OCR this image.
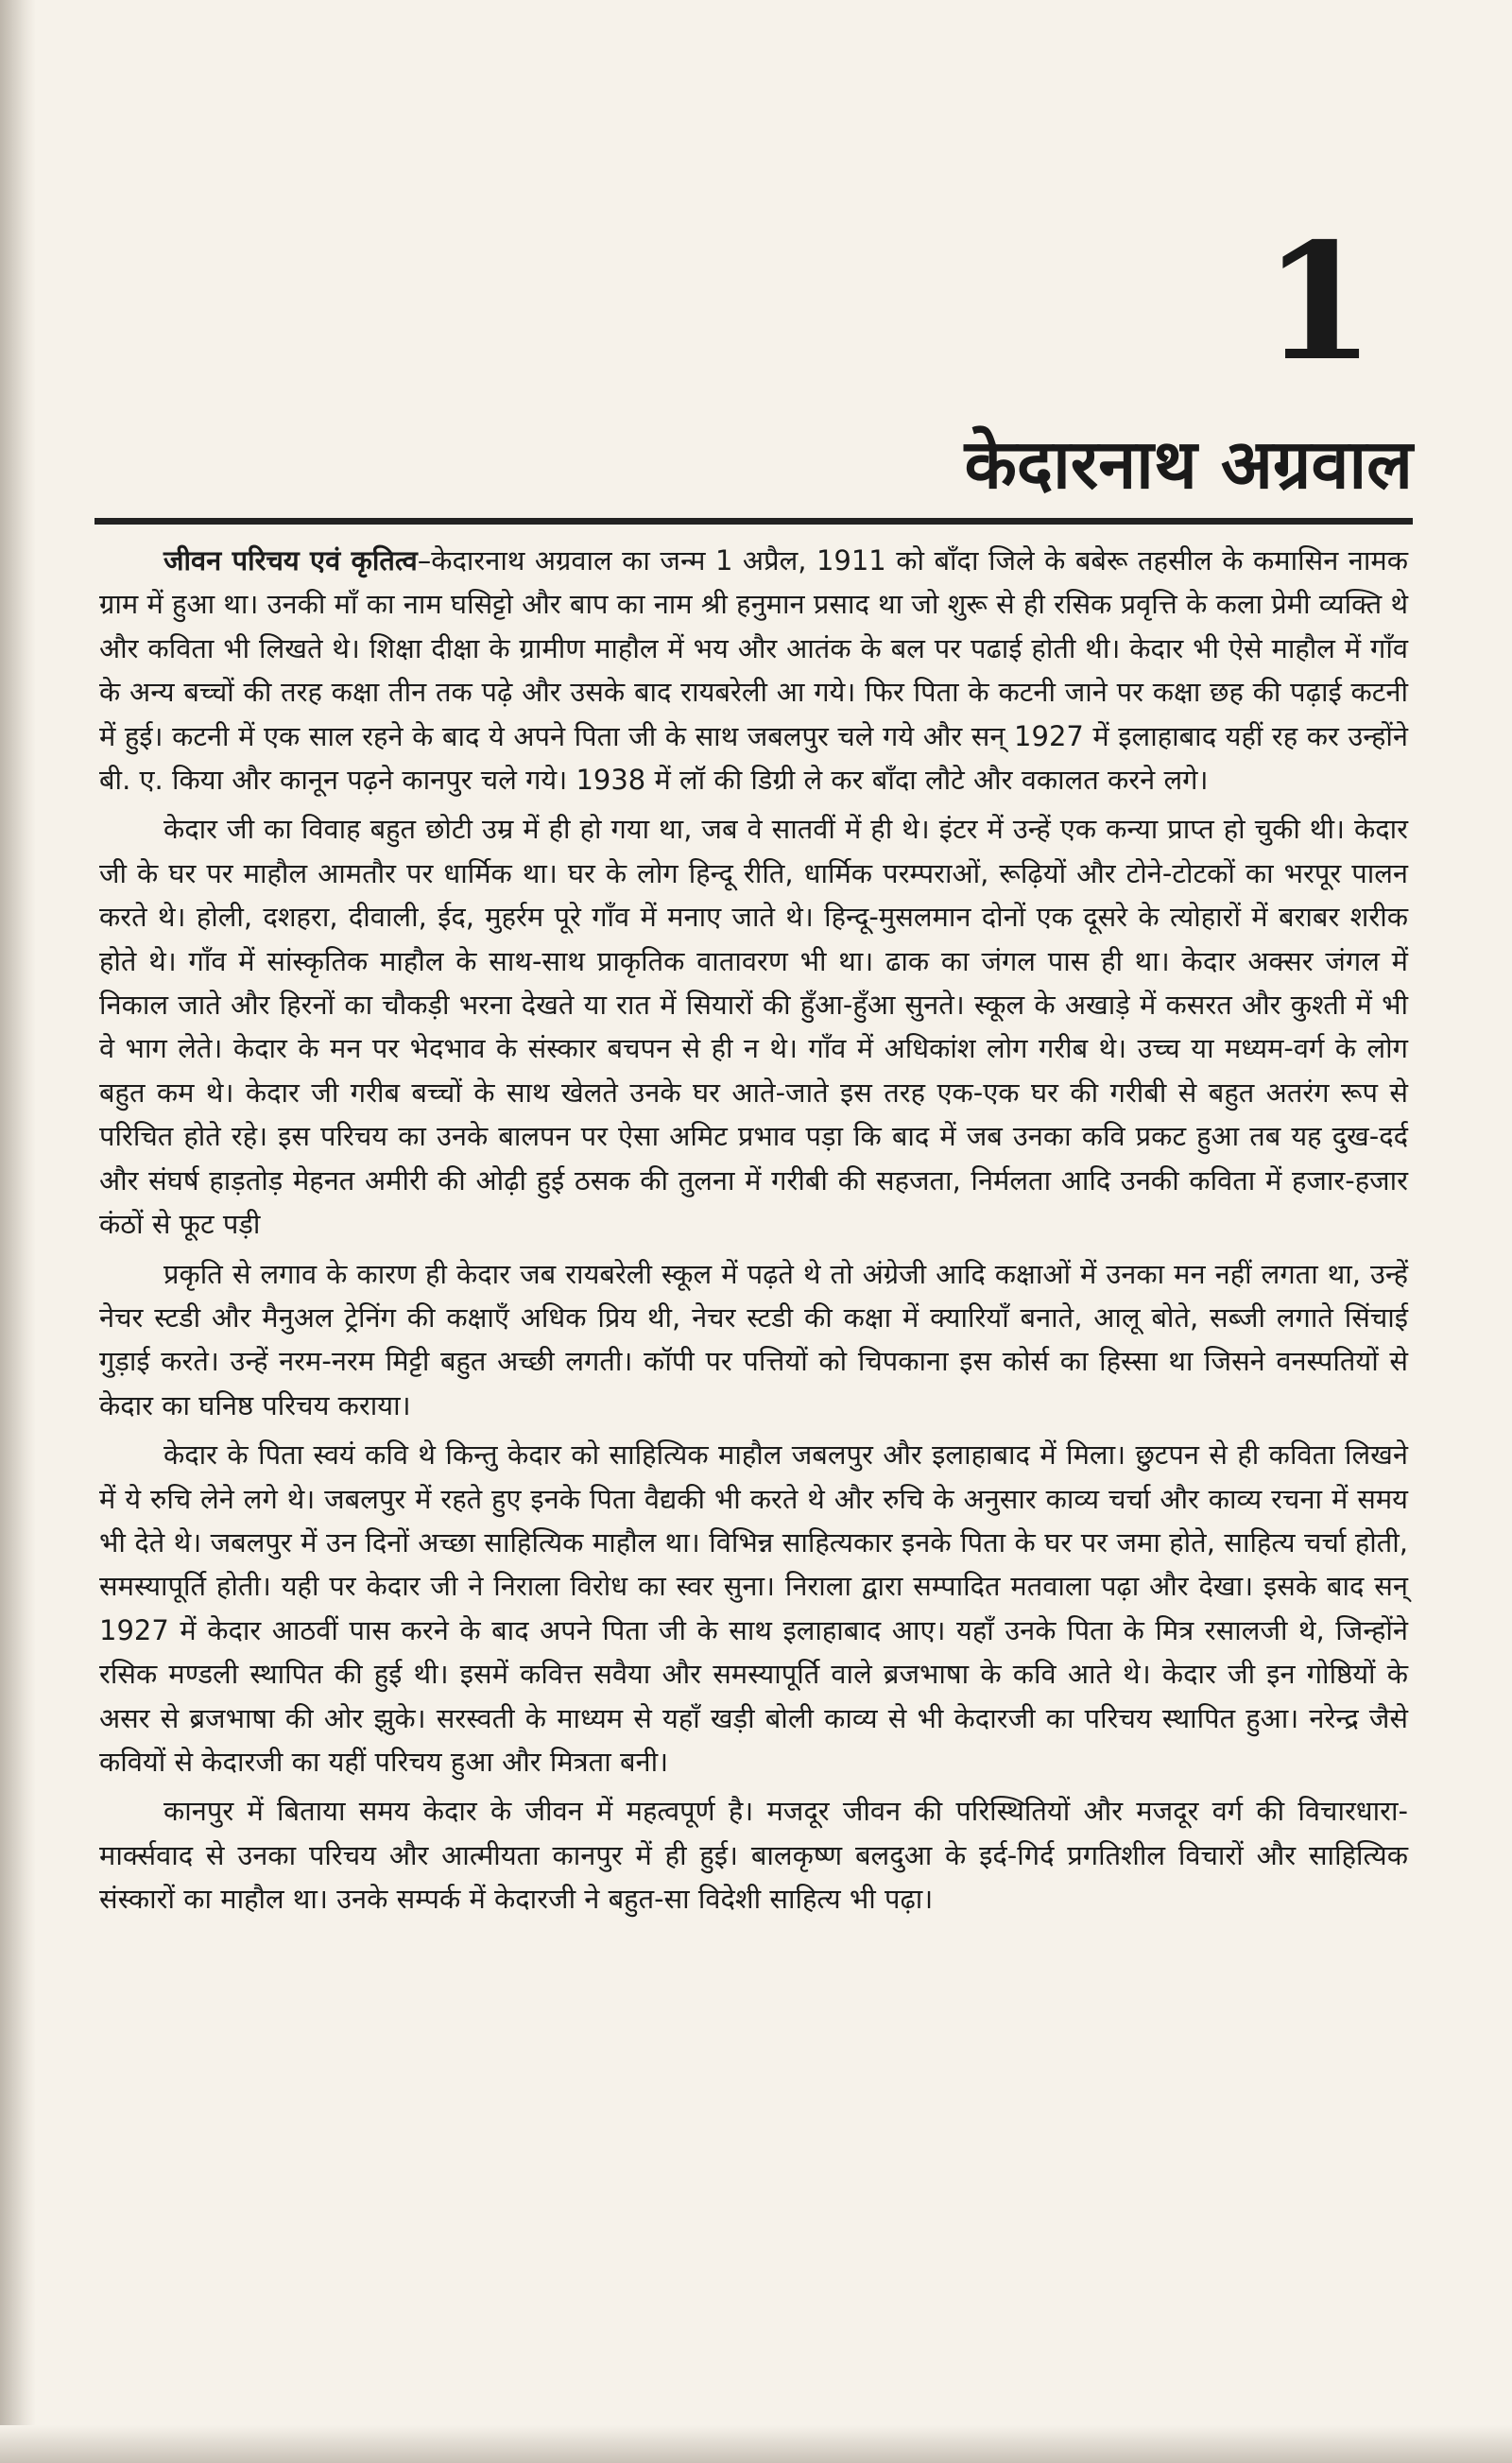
1
केदारनाथ अग्रवाल

जीवन परिचय एवं कृतित्व–केदारनाथ अग्रवाल का जन्म 1 अप्रैल, 1911 को बाँदा जिले के बबेरू तहसील के कमासिन नामक ग्राम में हुआ था। उनकी माँ का नाम घसिट्टो और बाप का नाम श्री हनुमान प्रसाद था जो शुरू से ही रसिक प्रवृत्ति के कला प्रेमी व्यक्ति थे और कविता भी लिखते थे। शिक्षा दीक्षा के ग्रामीण माहौल में भय और आतंक के बल पर पढाई होती थी। केदार भी ऐसे माहौल में गाँव के अन्य बच्चों की तरह कक्षा तीन तक पढ़े और उसके बाद रायबरेली आ गये। फिर पिता के कटनी जाने पर कक्षा छह की पढ़ाई कटनी में हुई। कटनी में एक साल रहने के बाद ये अपने पिता जी के साथ जबलपुर चले गये और सन् 1927 में इलाहाबाद यहीं रह कर उन्होंने बी. ए. किया और कानून पढ़ने कानपुर चले गये। 1938 में लॉ की डिग्री ले कर बाँदा लौटे और वकालत करने लगे।

केदार जी का विवाह बहुत छोटी उम्र में ही हो गया था, जब वे सातवीं में ही थे। इंटर में उन्हें एक कन्या प्राप्त हो चुकी थी। केदार जी के घर पर माहौल आमतौर पर धार्मिक था। घर के लोग हिन्दू रीति, धार्मिक परम्पराओं, रूढ़ियों और टोने-टोटकों का भरपूर पालन करते थे। होली, दशहरा, दीवाली, ईद, मुहर्रम पूरे गाँव में मनाए जाते थे। हिन्दू-मुसलमान दोनों एक दूसरे के त्योहारों में बराबर शरीक होते थे। गाँव में सांस्कृतिक माहौल के साथ-साथ प्राकृतिक वातावरण भी था। ढाक का जंगल पास ही था। केदार अक्सर जंगल में निकाल जाते और हिरनों का चौकड़ी भरना देखते या रात में सियारों की हुँआ-हुँआ सुनते। स्कूल के अखाड़े में कसरत और कुश्ती में भी वे भाग लेते। केदार के मन पर भेदभाव के संस्कार बचपन से ही न थे। गाँव में अधिकांश लोग गरीब थे। उच्च या मध्यम-वर्ग के लोग बहुत कम थे। केदार जी गरीब बच्चों के साथ खेलते उनके घर आते-जाते इस तरह एक-एक घर की गरीबी से बहुत अतरंग रूप से परिचित होते रहे। इस परिचय का उनके बालपन पर ऐसा अमिट प्रभाव पड़ा कि बाद में जब उनका कवि प्रकट हुआ तब यह दुख-दर्द और संघर्ष हाड़तोड़ मेहनत अमीरी की ओढ़ी हुई ठसक की तुलना में गरीबी की सहजता, निर्मलता आदि उनकी कविता में हजार-हजार कंठों से फूट पड़ी

प्रकृति से लगाव के कारण ही केदार जब रायबरेली स्कूल में पढ़ते थे तो अंग्रेजी आदि कक्षाओं में उनका मन नहीं लगता था, उन्हें नेचर स्टडी और मैनुअल ट्रेनिंग की कक्षाएँ अधिक प्रिय थी, नेचर स्टडी की कक्षा में क्यारियाँ बनाते, आलू बोते, सब्जी लगाते सिंचाई गुड़ाई करते। उन्हें नरम-नरम मिट्टी बहुत अच्छी लगती। कॉपी पर पत्तियों को चिपकाना इस कोर्स का हिस्सा था जिसने वनस्पतियों से केदार का घनिष्ठ परिचय कराया।

केदार के पिता स्वयं कवि थे किन्तु केदार को साहित्यिक माहौल जबलपुर और इलाहाबाद में मिला। छुटपन से ही कविता लिखने में ये रुचि लेने लगे थे। जबलपुर में रहते हुए इनके पिता वैद्यकी भी करते थे और रुचि के अनुसार काव्य चर्चा और काव्य रचना में समय भी देते थे। जबलपुर में उन दिनों अच्छा साहित्यिक माहौल था। विभिन्न साहित्यकार इनके पिता के घर पर जमा होते, साहित्य चर्चा होती, समस्यापूर्ति होती। यही पर केदार जी ने निराला विरोध का स्वर सुना। निराला द्वारा सम्पादित मतवाला पढ़ा और देखा। इसके बाद सन् 1927 में केदार आठवीं पास करने के बाद अपने पिता जी के साथ इलाहाबाद आए। यहाँ उनके पिता के मित्र रसालजी थे, जिन्होंने रसिक मण्डली स्थापित की हुई थी। इसमें कवित्त सवैया और समस्यापूर्ति वाले ब्रजभाषा के कवि आते थे। केदार जी इन गोष्ठियों के असर से ब्रजभाषा की ओर झुके। सरस्वती के माध्यम से यहाँ खड़ी बोली काव्य से भी केदारजी का परिचय स्थापित हुआ। नरेन्द्र जैसे कवियों से केदारजी का यहीं परिचय हुआ और मित्रता बनी।

कानपुर में बिताया समय केदार के जीवन में महत्वपूर्ण है। मजदूर जीवन की परिस्थितियों और मजदूर वर्ग की विचारधारा-मार्क्सवाद से उनका परिचय और आत्मीयता कानपुर में ही हुई। बालकृष्ण बलदुआ के इर्द-गिर्द प्रगतिशील विचारों और साहित्यिक संस्कारों का माहौल था। उनके सम्पर्क में केदारजी ने बहुत-सा विदेशी साहित्य भी पढ़ा।
